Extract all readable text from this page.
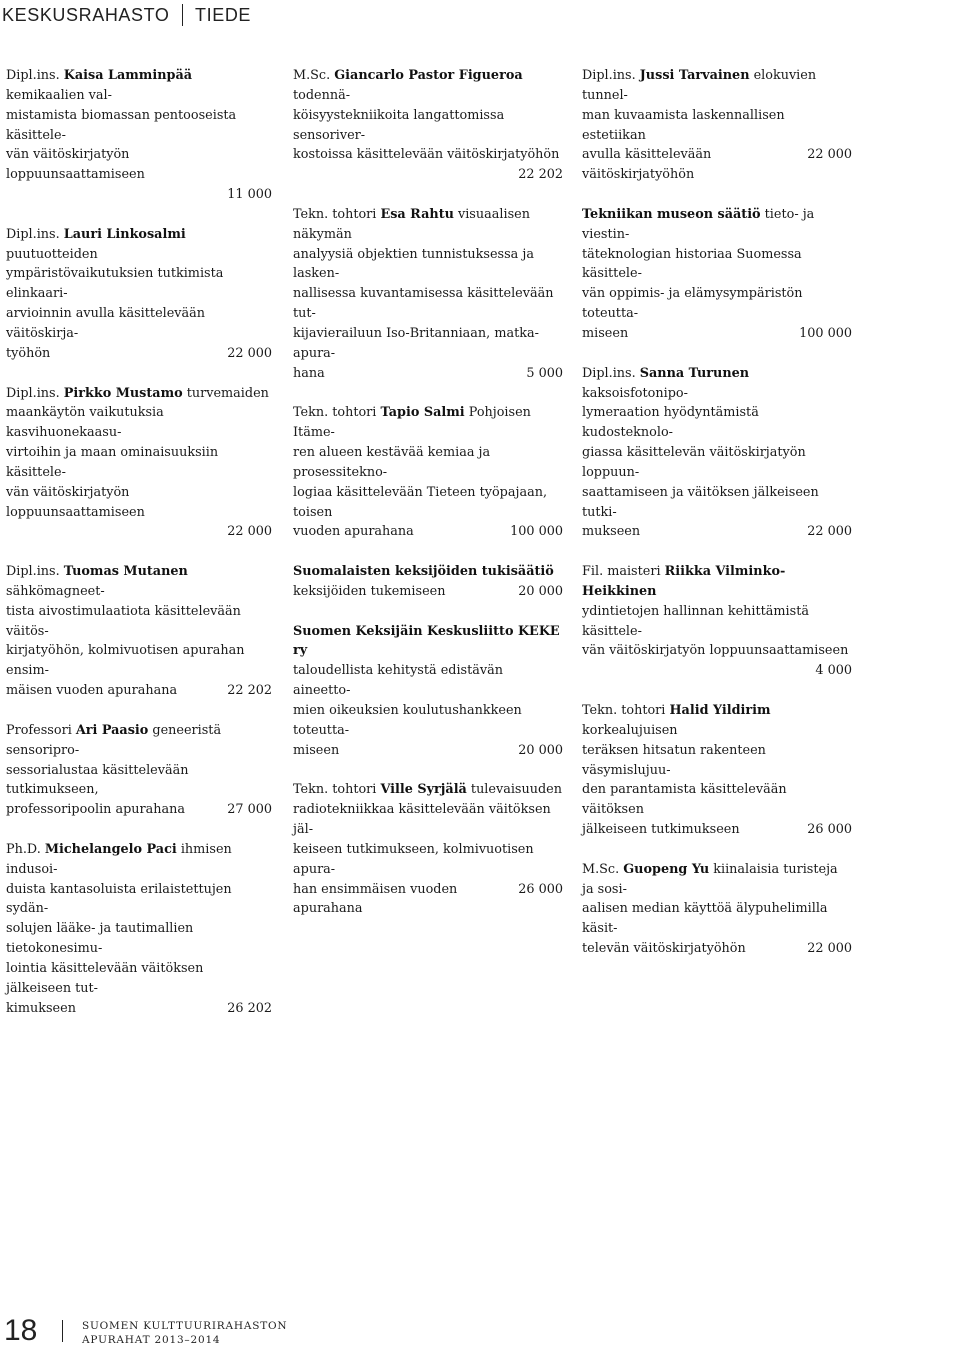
KESKUSRAHASTO TIEDE
Dipl.ins. Kaisa Lamminpää kemikaalien val-
mistamista biomassan pentooseista käsittele-
vän väitöskirjatyön loppuunsaattamiseen
11 000
Dipl.ins. Lauri Linkosalmi puutuotteiden
ympäristövaikutuksien tutkimista elinkaari-
arvioinnin avulla käsittelevään väitöskirja-
22 000
työhön
Dipl.ins. Pirkko Mustamo turvemaiden
maankäytön vaikutuksia kasvihuonekaasu-
virtoihin ja maan ominaisuuksiin käsittele-
vän väitöskirjatyön loppuunsaattamiseen
22 000
Dipl.ins. Tuomas Mutanen sähkömagneet-
tista aivostimulaatiota käsittelevään väitös-
kirjatyöhön, kolmivuotisen apurahan ensim-
22 202
mäisen vuoden apurahana
Professori Ari Paasio geneeristä sensoripro-
sessorialustaa käsittelevään tutkimukseen,
27 000
professoripoolin apurahana
Ph.D. Michelangelo Paci ihmisen indusoi-
duista kantasoluista erilaistettujen sydän-
solujen lääke- ja tautimallien tietokonesimu-
lointia käsittelevään väitöksen jälkeiseen tut-
26 202
kimukseen
M.Sc. Giancarlo Pastor Figueroa todennä-
köisyystekniikoita langattomissa sensoriver-
kostoissa käsittelevään väitöskirjatyöhön
22 202
Tekn. tohtori Esa Rahtu visuaalisen näkymän
analyysiä objektien tunnistuksessa ja lasken-
nallisessa kuvantamisessa käsittelevään tut-
kijavierailuun Iso-Britanniaan, matka-apura-
5 000
hana
Tekn. tohtori Tapio Salmi Pohjoisen Itäme-
ren alueen kestävää kemiaa ja prosessitekno-
logiaa käsittelevään Tieteen työpajaan, toisen
100 000
vuoden apurahana
Suomalaisten keksijöiden tukisäätiö
20 000
keksijöiden tukemiseen
Suomen Keksijäin Keskusliitto KEKE ry
taloudellista kehitystä edistävän aineetto-
mien oikeuksien koulutushankkeen toteutta-
20 000
miseen
Tekn. tohtori Ville Syrjälä tulevaisuuden
radiotekniikkaa käsittelevään väitöksen jäl-
keiseen tutkimukseen, kolmivuotisen apura-
26 000
han ensimmäisen vuoden apurahana
Dipl.ins. Jussi Tarvainen elokuvien tunnel-
man kuvaamista laskennallisen estetiikan
22 000
avulla käsittelevään väitöskirjatyöhön
Tekniikan museon säätiö tieto- ja viestin-
täteknologian historiaa Suomessa käsittele-
vän oppimis- ja elämysympäristön toteutta-
100 000
miseen
Dipl.ins. Sanna Turunen kaksoisfotonipo-
lymeraation hyödyntämistä kudosteknolo-
giassa käsittelevän väitöskirjatyön loppuun-
saattamiseen ja väitöksen jälkeiseen tutki-
22 000
mukseen
Fil. maisteri Riikka Vilminko-Heikkinen
ydintietojen hallinnan kehittämistä käsittele-
vän väitöskirjatyön loppuunsaattamiseen
4 000
Tekn. tohtori Halid Yildirim korkealujuisen
teräksen hitsatun rakenteen väsymislujuu-
den parantamista käsittelevään väitöksen
26 000
jälkeiseen tutkimukseen
M.Sc. Guopeng Yu kiinalaisia turisteja ja sosi-
aalisen median käyttöä älypuhelimilla käsit-
22 000
televän väitöskirjatyöhön
18	SUOMEN KULTTUURIRAHASTON
APURAHAT 2013–2014
